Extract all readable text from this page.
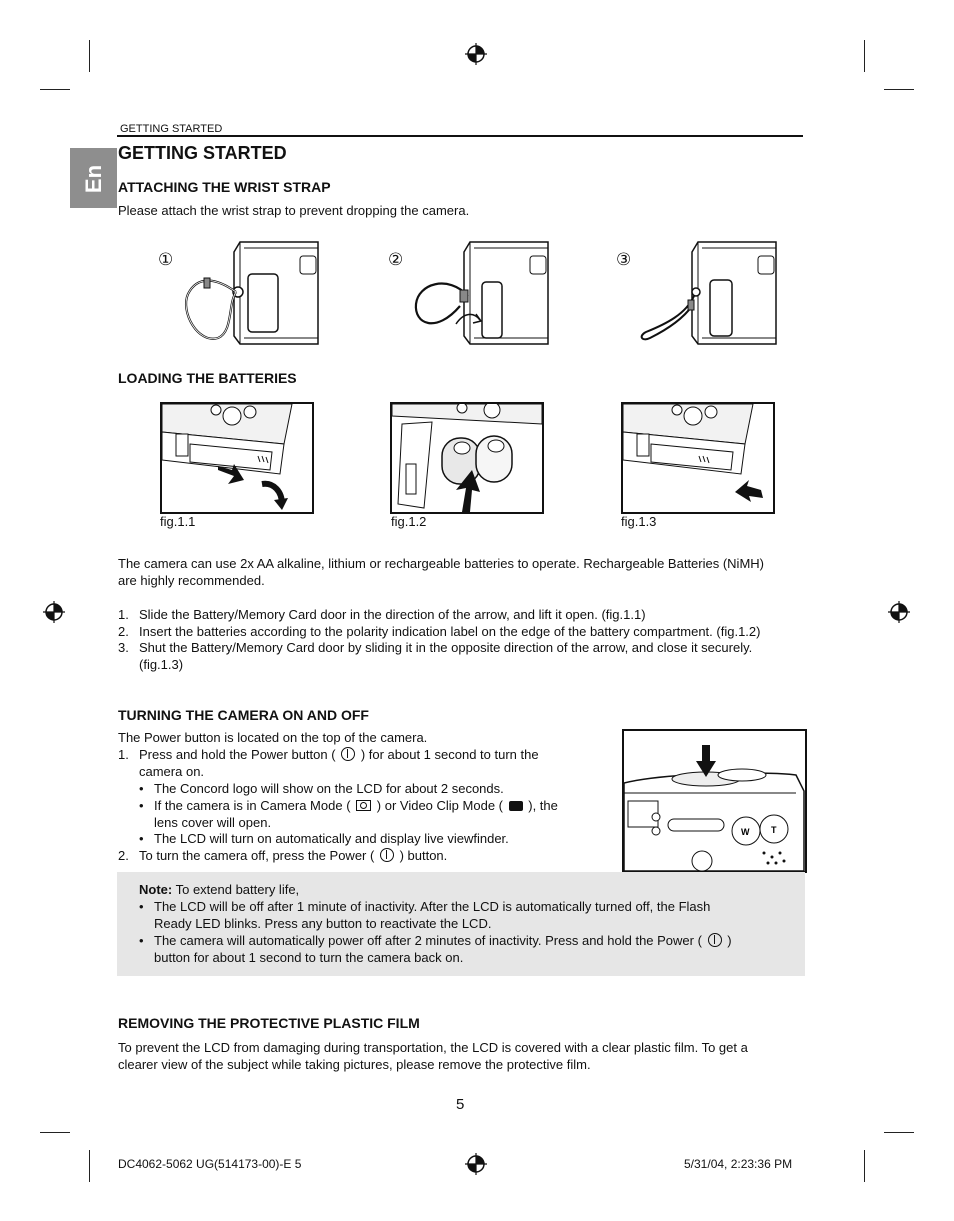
GETTING STARTED
En
GETTING STARTED
ATTACHING THE WRIST STRAP
Please attach the wrist strap to prevent dropping the camera.
①	②	③
LOADING THE BATTERIES
fig.1.1	fig.1.2	fig.1.3
The camera can use 2x AA alkaline, lithium or rechargeable batteries to operate. Rechargeable Batteries (NiMH)
are highly recommended.
1. Slide the Battery/Memory Card door in the direction of the arrow, and lift it open. (fig.1.1)
2. Insert the batteries according to the polarity indication label on the edge of the battery compartment. (fig.1.2)
3. Shut the Battery/Memory Card door by sliding it in the opposite direction of the arrow, and close it securely.
(fig.1.3)
TURNING THE CAMERA ON AND OFF
The Power button is located on the top of the camera.
1. Press and hold the Power button ( ) for about 1 second to turn the
camera on.
• The Concord logo will show on the LCD for about 2 seconds.
• If the camera is in Camera Mode ( ) or Video Clip Mode ( ), the
lens cover will open.
• The LCD will turn on automatically and display live viewfinder.
2. To turn the camera off, press the Power ( ) button.
W T
Note: To extend battery life,
• The LCD will be off after 1 minute of inactivity. After the LCD is automatically turned off, the Flash
Ready LED blinks. Press any button to reactivate the LCD.
• The camera will automatically power off after 2 minutes of inactivity. Press and hold the Power ( )
button for about 1 second to turn the camera back on.
REMOVING THE PROTECTIVE PLASTIC FILM
To prevent the LCD from damaging during transportation, the LCD is covered with a clear plastic film. To get a
clearer view of the subject while taking pictures, please remove the protective film.
5
DC4062-5062 UG(514173-00)-E 5	5/31/04, 2:23:36 PM
